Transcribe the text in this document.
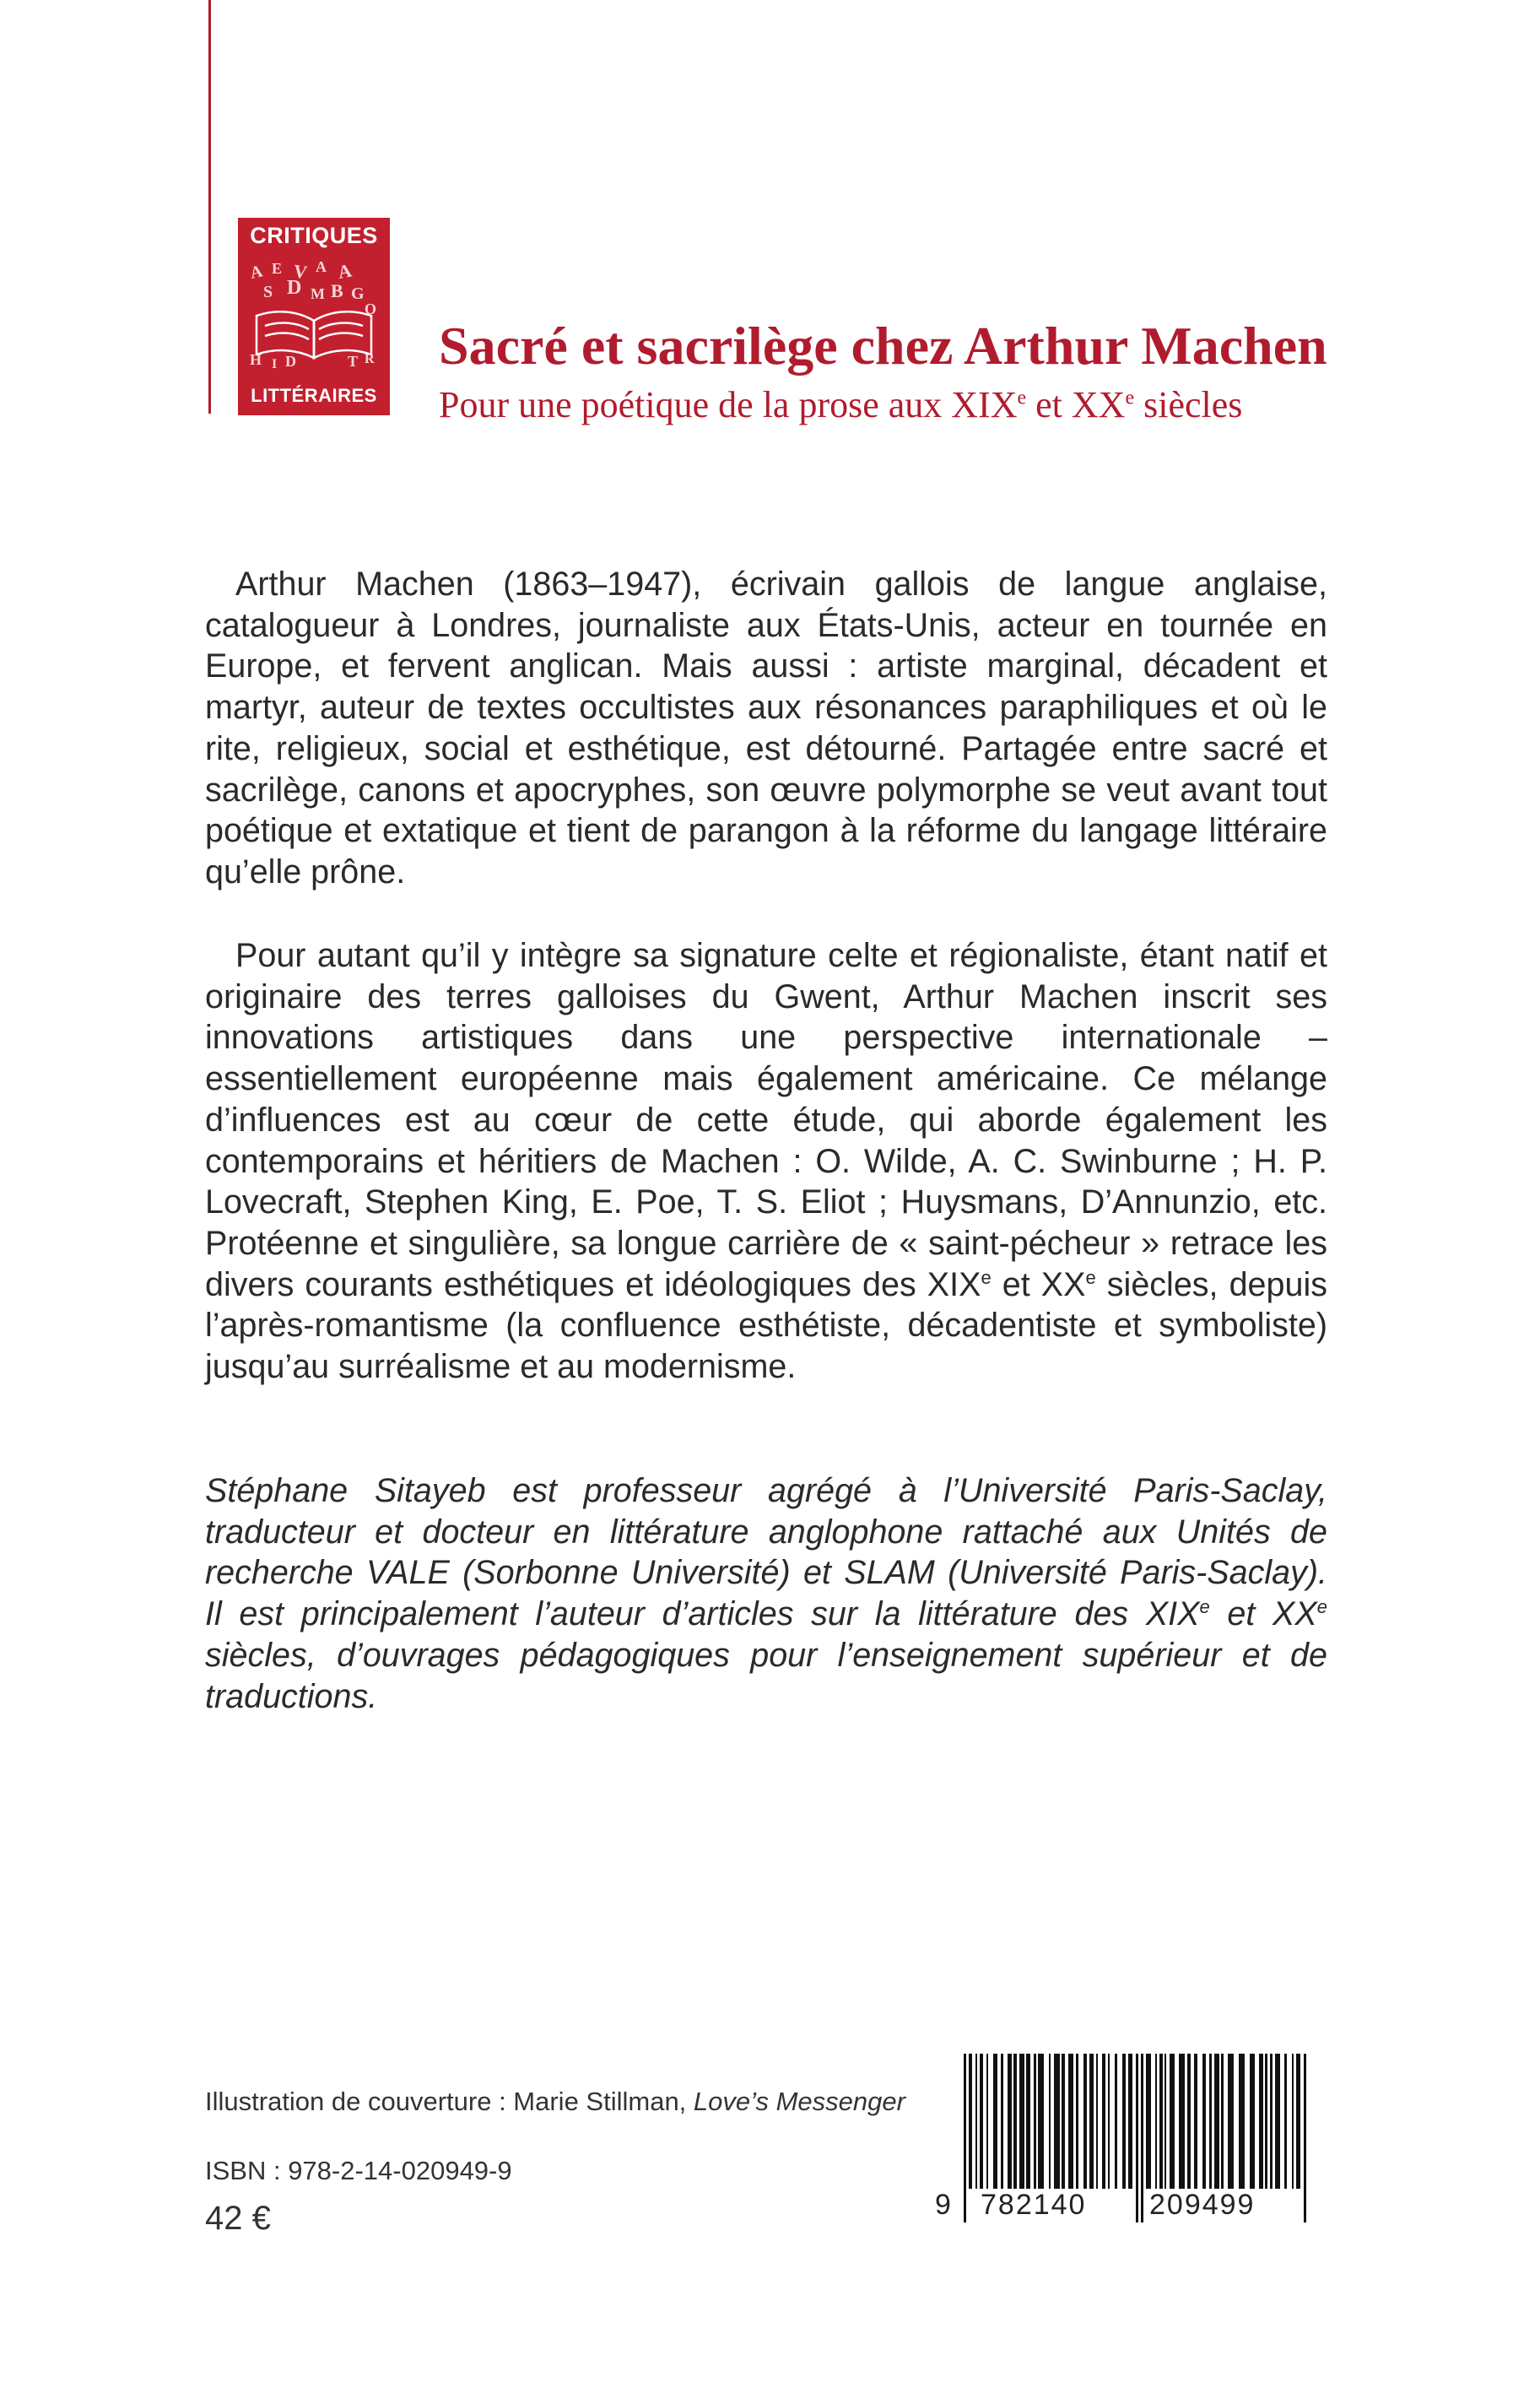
CRITIQUES
A E V A A
S D M B G
O
H I D	T R
LITTÉRAIRES
Sacré et sacrilège chez Arthur Machen
Pour une poétique de la prose aux XIXe et XXe siècles

Arthur Machen (1863–1947), écrivain gallois de langue anglaise, catalogueur à Londres, journaliste aux États-Unis, acteur en tournée en Europe, et fervent anglican. Mais aussi : artiste marginal, décadent et martyr, auteur de textes occultistes aux résonances paraphiliques et où le rite, religieux, social et esthétique, est détourné. Partagée entre sacré et sacrilège, canons et apocryphes, son œuvre polymorphe se veut avant tout poétique et extatique et tient de parangon à la réforme du langage littéraire qu’elle prône.

Pour autant qu’il y intègre sa signature celte et régionaliste, étant natif et originaire des terres galloises du Gwent, Arthur Machen inscrit ses innovations artistiques dans une perspective internationale – essentiellement européenne mais également américaine. Ce mélange d’influences est au cœur de cette étude, qui aborde également les contemporains et héritiers de Machen : O. Wilde, A. C. Swinburne ; H. P. Lovecraft, Stephen King, E. Poe, T. S. Eliot ; Huysmans, D’Annunzio, etc. Protéenne et singulière, sa longue carrière de « saint-pécheur » retrace les divers courants esthétiques et idéologiques des XIXe et XXe siècles, depuis l’après-romantisme (la confluence esthétiste, décadentiste et symboliste) jusqu’au surréalisme et au modernisme.

Stéphane Sitayeb est professeur agrégé à l’Université Paris-Saclay, traducteur et docteur en littérature anglophone rattaché aux Unités de recherche VALE (Sorbonne Université) et SLAM (Université Paris-Saclay). Il est principalement l’auteur d’articles sur la littérature des XIXe et XXe siècles, d’ouvrages pédagogiques pour l’enseignement supérieur et de traductions.

Illustration de couverture : Marie Stillman, Love’s Messenger
ISBN : 978-2-14-020949-9
42 €	9 782140 209499
